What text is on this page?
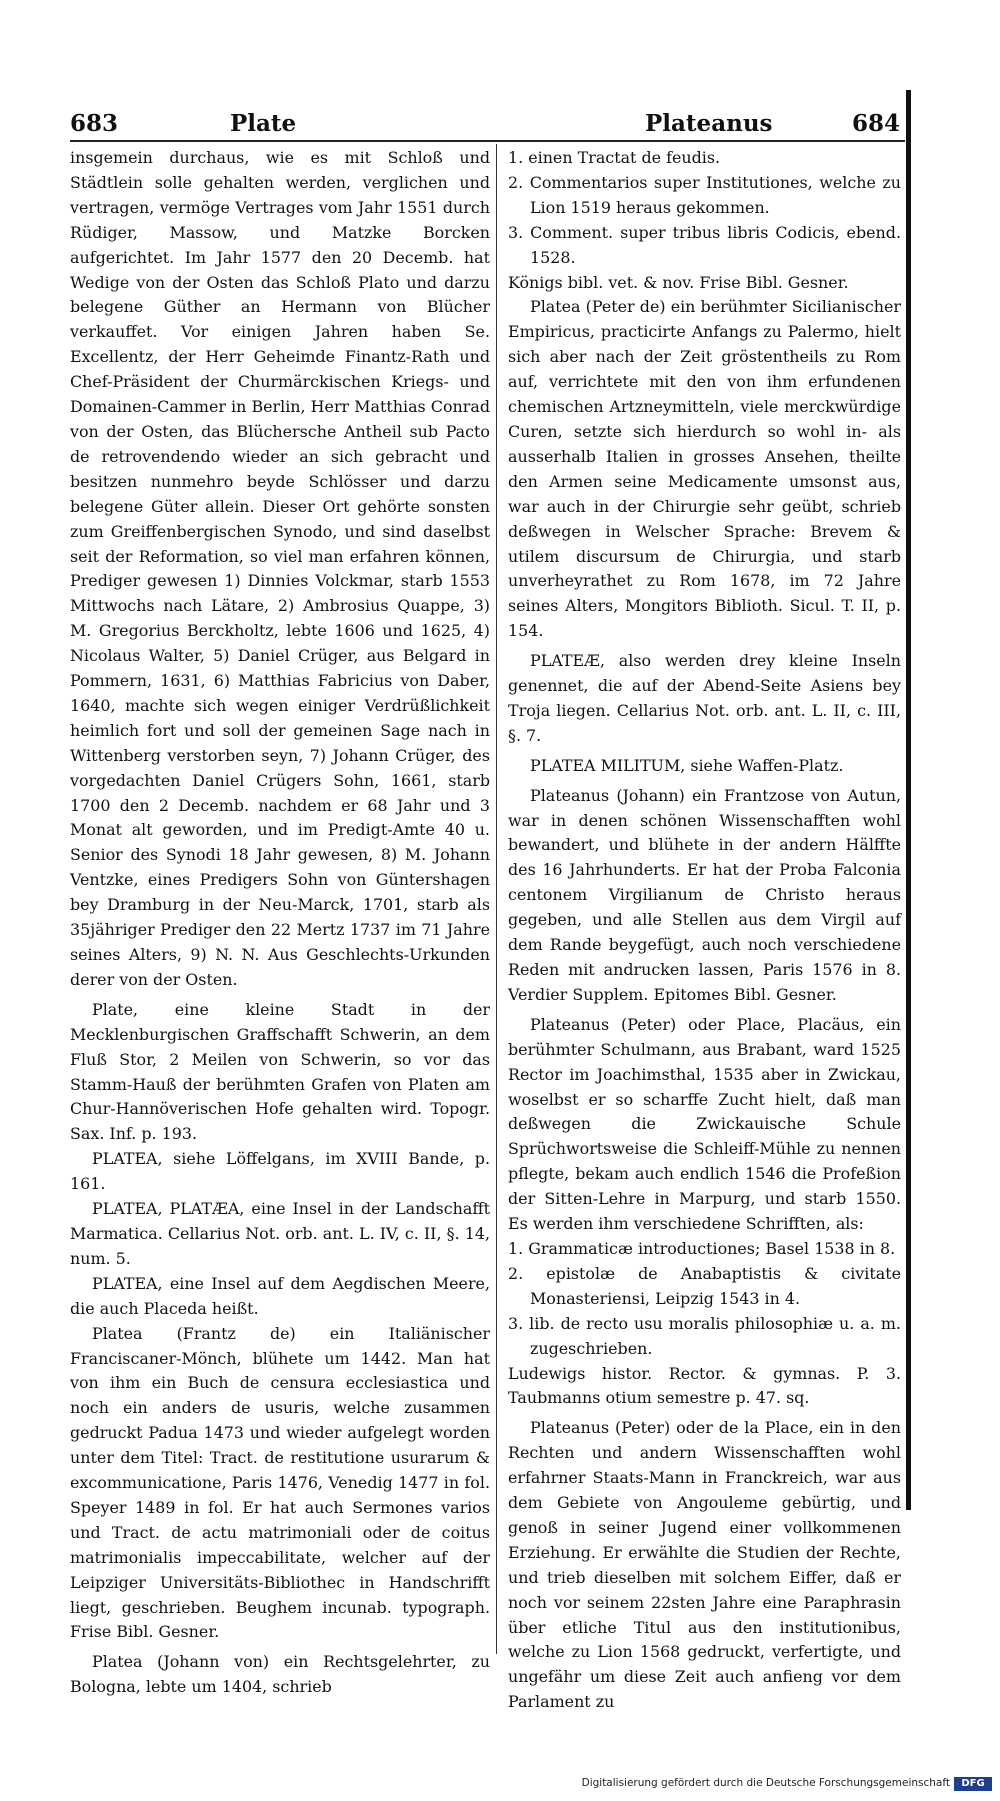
683	Plate	Plateanus	684

insgemein durchaus, wie es mit Schloß und Städtlein solle gehalten werden, verglichen und vertragen, vermöge Vertrages vom Jahr 1551 durch Rüdiger, Massow, und Matzke Borcken aufgerichtet. Im Jahr 1577 den 20 Decemb. hat Wedige von der Osten das Schloß Plato und darzu belegene Güther an Hermann von Blücher verkauffet. Vor einigen Jahren haben Se. Excellentz, der Herr Geheimde Finantz-Rath und Chef-Präsident der Churmärckischen Kriegs- und Domainen-Cammer in Berlin, Herr Matthias Conrad von der Osten, das Blüchersche Antheil sub Pacto de retrovendendo wieder an sich gebracht und besitzen nunmehro beyde Schlösser und darzu belegene Güter allein. Dieser Ort gehörte sonsten zum Greiffenbergischen Synodo, und sind daselbst seit der Reformation, so viel man erfahren können, Prediger gewesen 1) Dinnies Volckmar, starb 1553 Mittwochs nach Lätare, 2) Ambrosius Quappe, 3) M. Gregorius Berckholtz, lebte 1606 und 1625, 4) Nicolaus Walter, 5) Daniel Crüger, aus Belgard in Pommern, 1631, 6) Matthias Fabricius von Daber, 1640, machte sich wegen einiger Verdrüßlichkeit heimlich fort und soll der gemeinen Sage nach in Wittenberg verstorben seyn, 7) Johann Crüger, des vorgedachten Daniel Crügers Sohn, 1661, starb 1700 den 2 Decemb. nachdem er 68 Jahr und 3 Monat alt geworden, und im Predigt-Amte 40 u. Senior des Synodi 18 Jahr gewesen, 8) M. Johann Ventzke, eines Predigers Sohn von Güntershagen bey Dramburg in der Neu-Marck, 1701, starb als 35jähriger Prediger den 22 Mertz 1737 im 71 Jahre seines Alters, 9) N. N. Aus Geschlechts-Urkunden derer von der Osten.

Plate, eine kleine Stadt in der Mecklenburgischen Graffschafft Schwerin, an dem Fluß Stor, 2 Meilen von Schwerin, so vor das Stamm-Hauß der berühmten Grafen von Platen am Chur-Hannöverischen Hofe gehalten wird. Topogr. Sax. Inf. p. 193.

PLATEA, siehe Löffelgans, im XVIII Bande, p. 161.

PLATEA, PLATÆA, eine Insel in der Landschafft Marmatica. Cellarius Not. orb. ant. L. IV, c. II, §. 14, num. 5.

PLATEA, eine Insel auf dem Aegdischen Meere, die auch Placeda heißt.

Platea (Frantz de) ein Italiänischer Franciscaner-Mönch, blühete um 1442. Man hat von ihm ein Buch de censura ecclesiastica und noch ein anders de usuris, welche zusammen gedruckt Padua 1473 und wieder aufgelegt worden unter dem Titel: Tract. de restitutione usurarum & excommunicatione, Paris 1476, Venedig 1477 in fol. Speyer 1489 in fol. Er hat auch Sermones varios und Tract. de actu matrimoniali oder de coitus matrimonialis impeccabilitate, welcher auf der Leipziger Universitäts-Bibliothec in Handschrifft liegt, geschrieben. Beughem incunab. typograph. Frise Bibl. Gesner.

Platea (Johann von) ein Rechtsgelehrter, zu Bologna, lebte um 1404, schrieb

1. einen Tractat de feudis.

2. Commentarios super Institutiones, welche zu Lion 1519 heraus gekommen.

3. Comment. super tribus libris Codicis, ebend. 1528.

Königs bibl. vet. & nov. Frise Bibl. Gesner.

Platea (Peter de) ein berühmter Sicilianischer Empiricus, practicirte Anfangs zu Palermo, hielt sich aber nach der Zeit gröstentheils zu Rom auf, verrichtete mit den von ihm erfundenen chemischen Artzneymitteln, viele merckwürdige Curen, setzte sich hierdurch so wohl in- als ausserhalb Italien in grosses Ansehen, theilte den Armen seine Medicamente umsonst aus, war auch in der Chirurgie sehr geübt, schrieb deßwegen in Welscher Sprache: Brevem & utilem discursum de Chirurgia, und starb unverheyrathet zu Rom 1678, im 72 Jahre seines Alters, Mongitors Biblioth. Sicul. T. II, p. 154.

PLATEÆ, also werden drey kleine Inseln genennet, die auf der Abend-Seite Asiens bey Troja liegen. Cellarius Not. orb. ant. L. II, c. III, §. 7.

PLATEA MILITUM, siehe Waffen-Platz.

Plateanus (Johann) ein Frantzose von Autun, war in denen schönen Wissenschafften wohl bewandert, und blühete in der andern Hälffte des 16 Jahrhunderts. Er hat der Proba Falconia centonem Virgilianum de Christo heraus gegeben, und alle Stellen aus dem Virgil auf dem Rande beygefügt, auch noch verschiedene Reden mit andrucken lassen, Paris 1576 in 8. Verdier Supplem. Epitomes Bibl. Gesner.

Plateanus (Peter) oder Place, Placäus, ein berühmter Schulmann, aus Brabant, ward 1525 Rector im Joachimsthal, 1535 aber in Zwickau, woselbst er so scharffe Zucht hielt, daß man deßwegen die Zwickauische Schule Sprüchwortsweise die Schleiff-Mühle zu nennen pflegte, bekam auch endlich 1546 die Profeßion der Sitten-Lehre in Marpurg, und starb 1550. Es werden ihm verschiedene Schrifften, als:

1. Grammaticæ introductiones; Basel 1538 in 8.

2. epistolæ de Anabaptistis & civitate Monasteriensi, Leipzig 1543 in 4.

3. lib. de recto usu moralis philosophiæ u. a. m. zugeschrieben.

Ludewigs histor. Rector. & gymnas. P. 3. Taubmanns otium semestre p. 47. sq.

Plateanus (Peter) oder de la Place, ein in den Rechten und andern Wissenschafften wohl erfahrner Staats-Mann in Franckreich, war aus dem Gebiete von Angouleme gebürtig, und genoß in seiner Jugend einer vollkommenen Erziehung. Er erwählte die Studien der Rechte, und trieb dieselben mit solchem Eiffer, daß er noch vor seinem 22sten Jahre eine Paraphrasin über etliche Titul aus den institutionibus, welche zu Lion 1568 gedruckt, verfertigte, und ungefähr um diese Zeit auch anfieng vor dem Parlament zu

Digitalisierung gefördert durch die Deutsche Forschungsgemeinschaft	DFG
